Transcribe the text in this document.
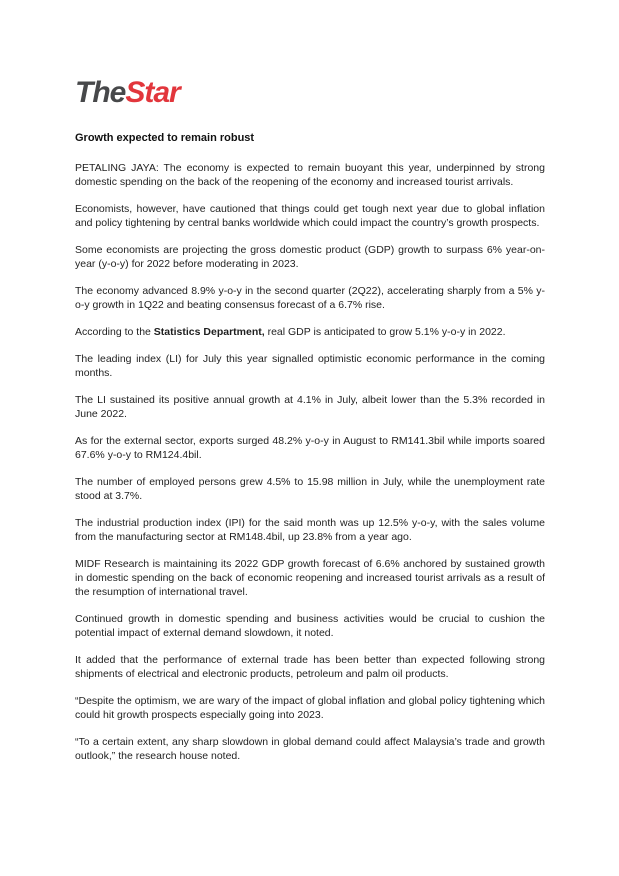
TheStar
Growth expected to remain robust

PETALING JAYA: The economy is expected to remain buoyant this year, underpinned by strong domestic spending on the back of the reopening of the economy and increased tourist arrivals.

Economists, however, have cautioned that things could get tough next year due to global inflation and policy tightening by central banks worldwide which could impact the country’s growth prospects.

Some economists are projecting the gross domestic product (GDP) growth to surpass 6% year-on-year (y-o-y) for 2022 before moderating in 2023.

The economy advanced 8.9% y-o-y in the second quarter (2Q22), accelerating sharply from a 5% y-o-y growth in 1Q22 and beating consensus forecast of a 6.7% rise.

According to the Statistics Department, real GDP is anticipated to grow 5.1% y-o-y in 2022.

The leading index (LI) for July this year signalled optimistic economic performance in the coming months.

The LI sustained its positive annual growth at 4.1% in July, albeit lower than the 5.3% recorded in June 2022.

As for the external sector, exports surged 48.2% y-o-y in August to RM141.3bil while imports soared 67.6% y-o-y to RM124.4bil.

The number of employed persons grew 4.5% to 15.98 million in July, while the unemployment rate stood at 3.7%.

The industrial production index (IPI) for the said month was up 12.5% y-o-y, with the sales volume from the manufacturing sector at RM148.4bil, up 23.8% from a year ago.

MIDF Research is maintaining its 2022 GDP growth forecast of 6.6% anchored by sustained growth in domestic spending on the back of economic reopening and increased tourist arrivals as a result of the resumption of international travel.

Continued growth in domestic spending and business activities would be crucial to cushion the potential impact of external demand slowdown, it noted.

It added that the performance of external trade has been better than expected following strong shipments of electrical and electronic products, petroleum and palm oil products.

“Despite the optimism, we are wary of the impact of global inflation and global policy tightening which could hit growth prospects especially going into 2023.

“To a certain extent, any sharp slowdown in global demand could affect Malaysia’s trade and growth outlook,” the research house noted.
